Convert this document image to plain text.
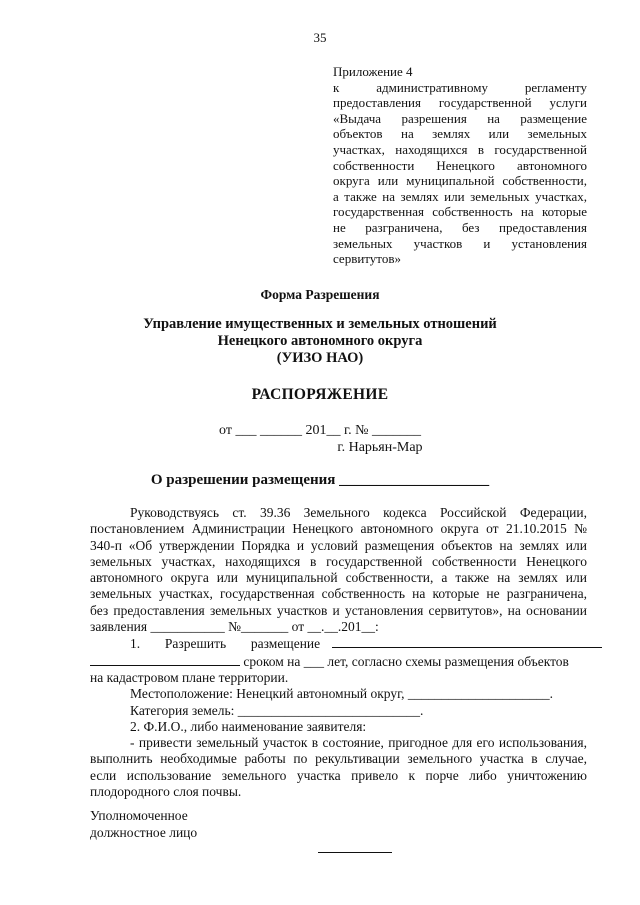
35
Приложение 4
к административному регламенту
предоставления государственной услуги
«Выдача разрешения на размещение
объектов на землях или земельных
участках, находящихся в государственной
собственности Ненецкого автономного
округа или муниципальной собственности,
а также на землях или земельных участках,
государственная собственность на которые
не разграничена, без предоставления
земельных участков и установления
сервитутов»
Форма Разрешения
Управление имущественных и земельных отношений
Ненецкого автономного округа
(УИЗО НАО)
РАСПОРЯЖЕНИЕ
от ___ ______ 201__ г. № _______
г. Нарьян-Мар
О разрешении размещения ____________________
Руководствуясь ст. 39.36 Земельного кодекса Российской Федерации,
постановлением Администрации Ненецкого автономного округа от 21.10.2015 №
340-п «Об утверждении Порядка и условий размещения объектов на землях или
земельных участках, находящихся в государственной собственности Ненецкого
автономного округа или муниципальной собственности, а также на землях или
земельных участках, государственная собственность на которые не разграничена,
без предоставления земельных участков и установления сервитутов», на основании
заявления ___________ №_______ от __.__.201__:
1. Разрешить размещение
сроком на ___ лет, согласно схемы размещения объектов
на кадастровом плане территории.
Местоположение: Ненецкий автономный округ, _____________________.
Категория земель: ___________________________.
2. Ф.И.О., либо наименование заявителя:
- привести земельный участок в состояние, пригодное для его использования,
выполнить необходимые работы по рекультивации земельного участка в случае,
если использование земельного участка привело к порче либо уничтожению
плодородного слоя почвы.
Уполномоченное
должностное лицо
